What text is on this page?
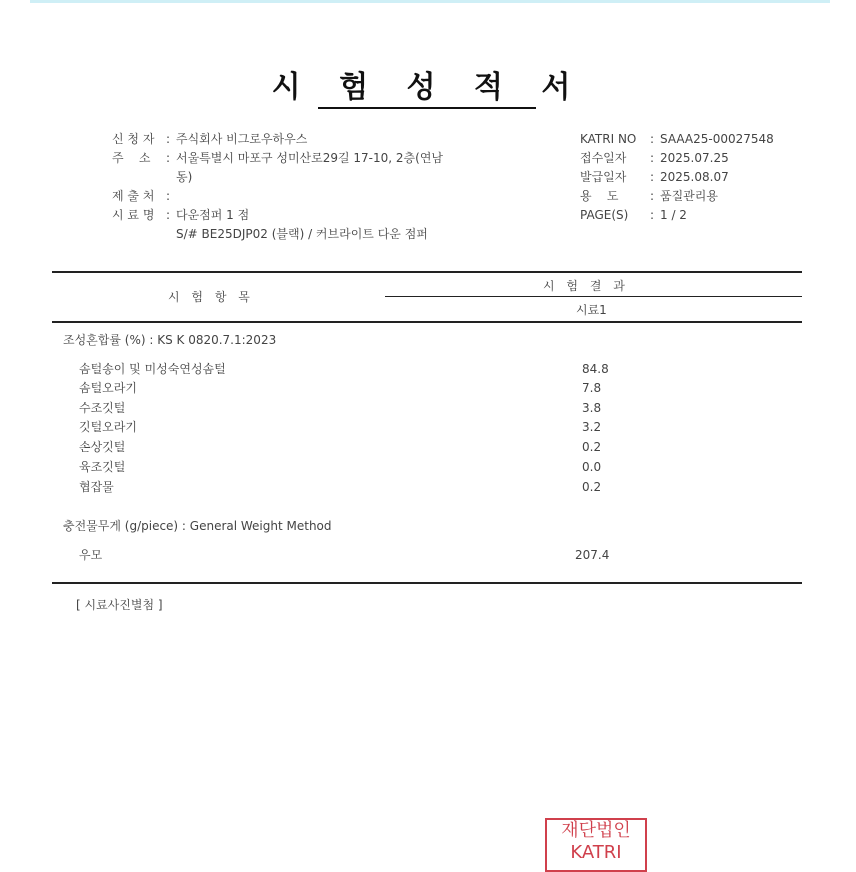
시 험 성 적 서
신 청 자 : 주식회사 비그로우하우스
주    소	: 서울특별시 마포구 성미산로29길 17-10, 2층(연남
동)
제 출 처 :
시 료 명 : 다운점퍼 1 점
S/# BE25DJP02 (블랙) / 커브라이트 다운 점퍼
KATRI NO	: SAAA25-00027548
접수일자	: 2025.07.25
발급일자	: 2025.08.07
용    도	: 품질관리용
PAGE(S)	: 1 / 2
시 험 항 목
시 험 결 과
시료1
조성혼합률 (%) : KS K 0820.7.1:2023
솜털송이 및 미성숙연성솜털	84.8
솜털오라기	7.8
수조깃털	3.8
깃털오라기	3.2
손상깃털	0.2
육조깃털	0.0
협잡물	0.2
충전물무게 (g/piece) : General Weight Method
우모	207.4
[ 시료사진별첨 ]
재단법인
KATRI
